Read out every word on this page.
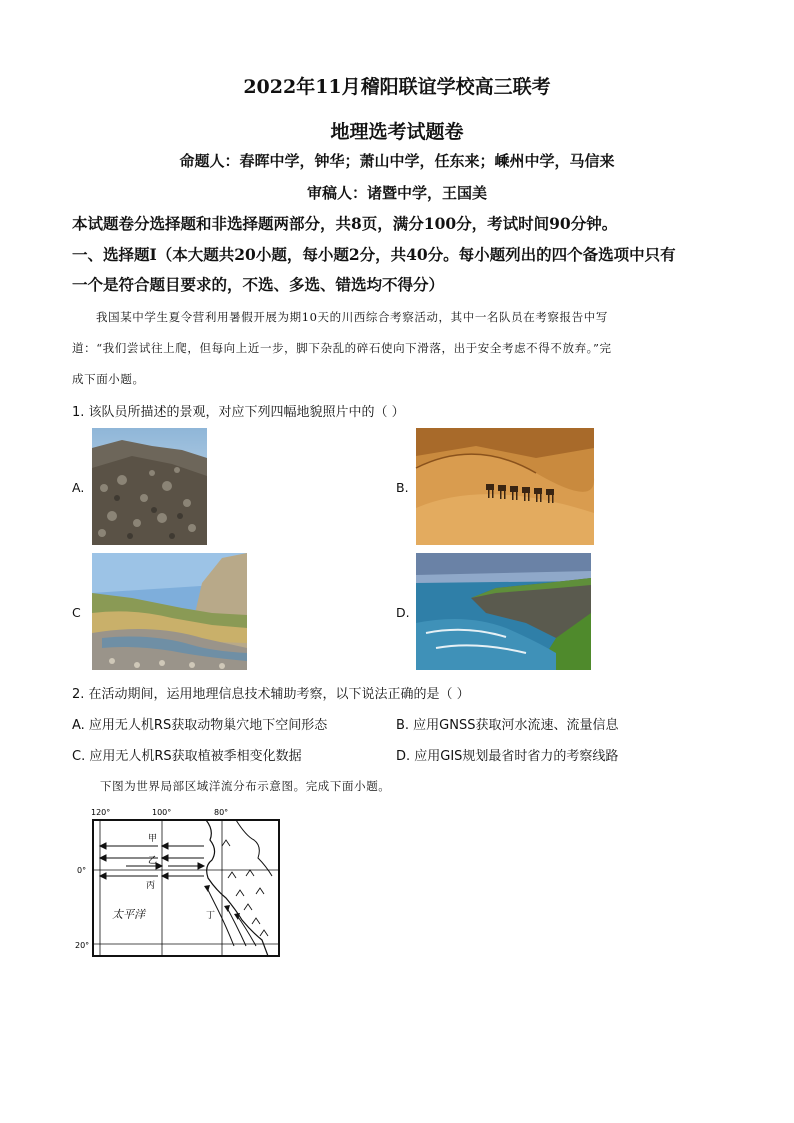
2022年11月稽阳联谊学校高三联考
地理选考试题卷
命题人：春晖中学，钟华；萧山中学，任东来；嵊州中学，马信来
审稿人：诸暨中学，王国美
本试题卷分选择题和非选择题两部分，共8页，满分100分，考试时间90分钟。
一、选择题Ⅰ（本大题共20小题，每小题2分，共40分。每小题列出的四个备选项中只有
一个是符合题目要求的，不选、多选、错选均不得分）
我国某中学生夏令营利用暑假开展为期10天的川西综合考察活动，其中一名队员在考察报告中写
道：“我们尝试往上爬，但每向上近一步，脚下杂乱的碎石使向下滑落，出于安全考虑不得不放弃。”完
成下面小题。
1. 该队员所描述的景观，对应下列四幅地貌照片中的（ ）
A.	B.
C	D.
2. 在活动期间，运用地理信息技术辅助考察，以下说法正确的是（ ）
A. 应用无人机RS获取动物巢穴地下空间形态	B. 应用GNSS获取河水流速、流量信息
C. 应用无人机RS获取植被季相变化数据	D. 应用GIS规划最省时省力的考察线路
下图为世界局部区域洋流分布示意图。完成下面小题。
120°	100°	80°
0°
20°
甲
乙
丙
丁
太平洋
